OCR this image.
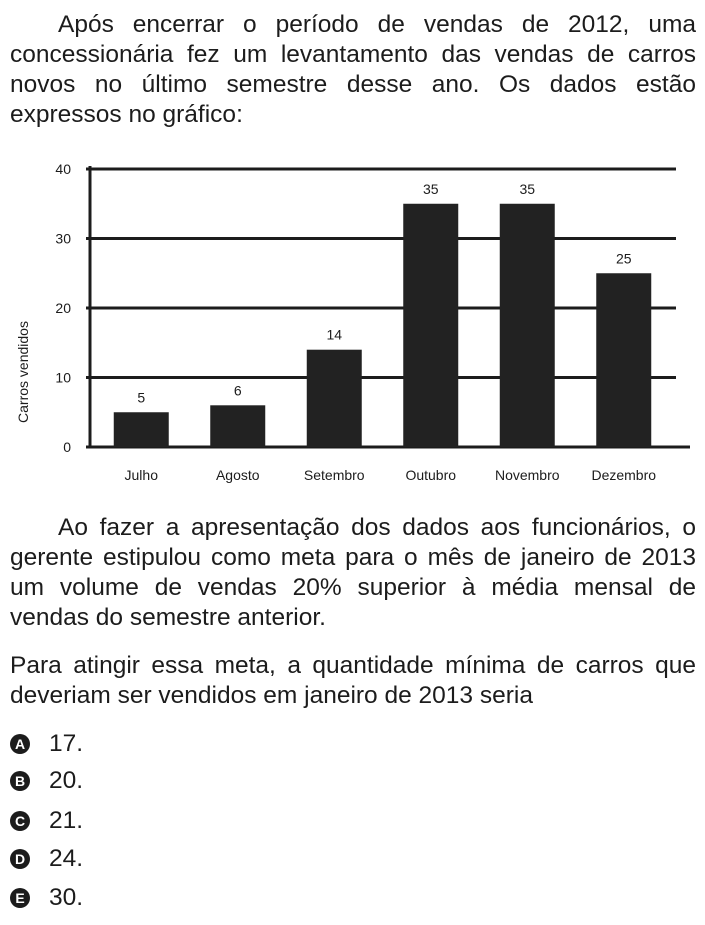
Após encerrar o período de vendas de 2012, uma concessionária fez um levantamento das vendas de carros novos no último semestre desse ano. Os dados estão expressos no gráfico:

0
10
20
30
40
5
Julho
6
Agosto
14
Setembro
35
Outubro
35
Novembro
25
Dezembro
Carros vendidos

Ao fazer a apresentação dos dados aos funcionários, o gerente estipulou como meta para o mês de janeiro de 2013 um volume de vendas 20% superior à média mensal de vendas do semestre anterior.

Para atingir essa meta, a quantidade mínima de carros que deveriam ser vendidos em janeiro de 2013 seria

A 17.
B 20.
C 21.
D 24.
E 30.
